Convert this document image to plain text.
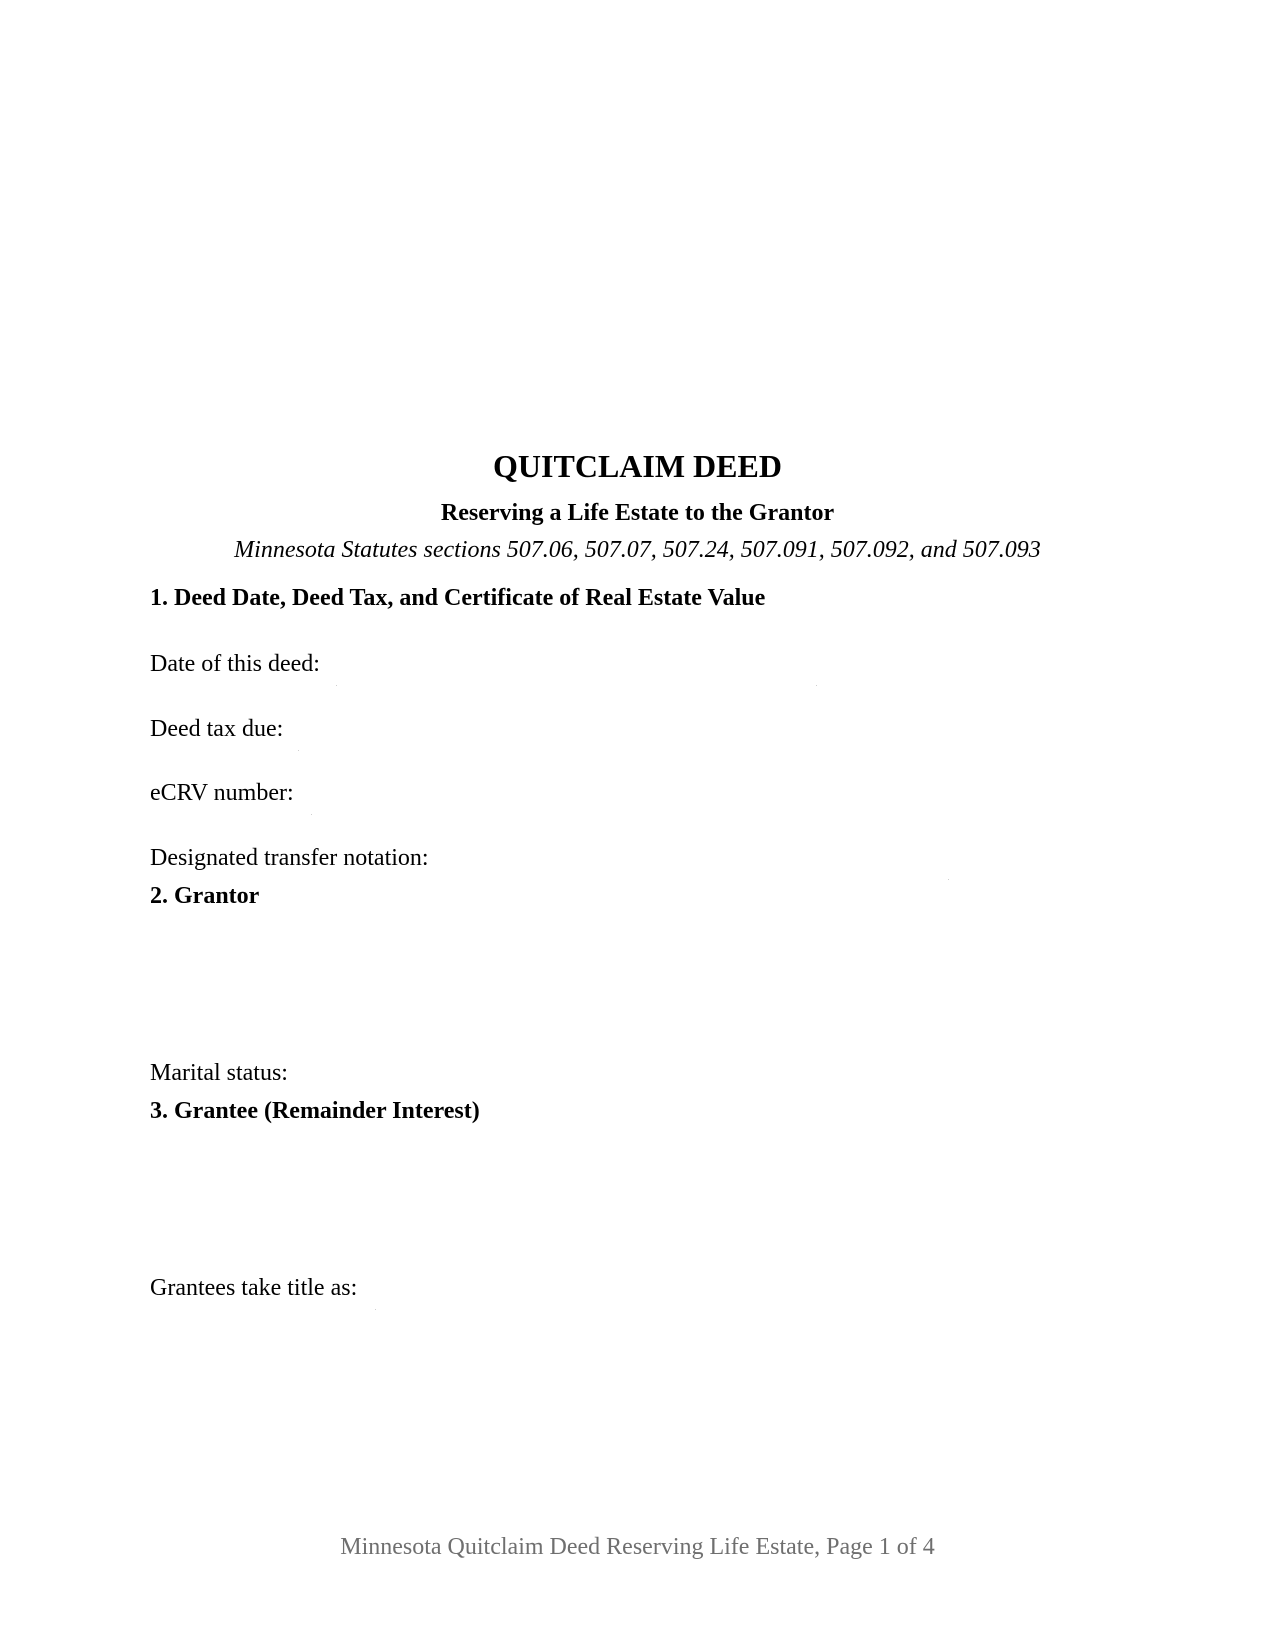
QUITCLAIM DEED
Reserving a Life Estate to the Grantor
Minnesota Statutes sections 507.06, 507.07, 507.24, 507.091, 507.092, and 507.093
1. Deed Date, Deed Tax, and Certificate of Real Estate Value
Date of this deed:
Deed tax due:
eCRV number:
Designated transfer notation:
2. Grantor
Marital status:
3. Grantee (Remainder Interest)
Grantees take title as:
Minnesota Quitclaim Deed Reserving Life Estate, Page 1 of 4
